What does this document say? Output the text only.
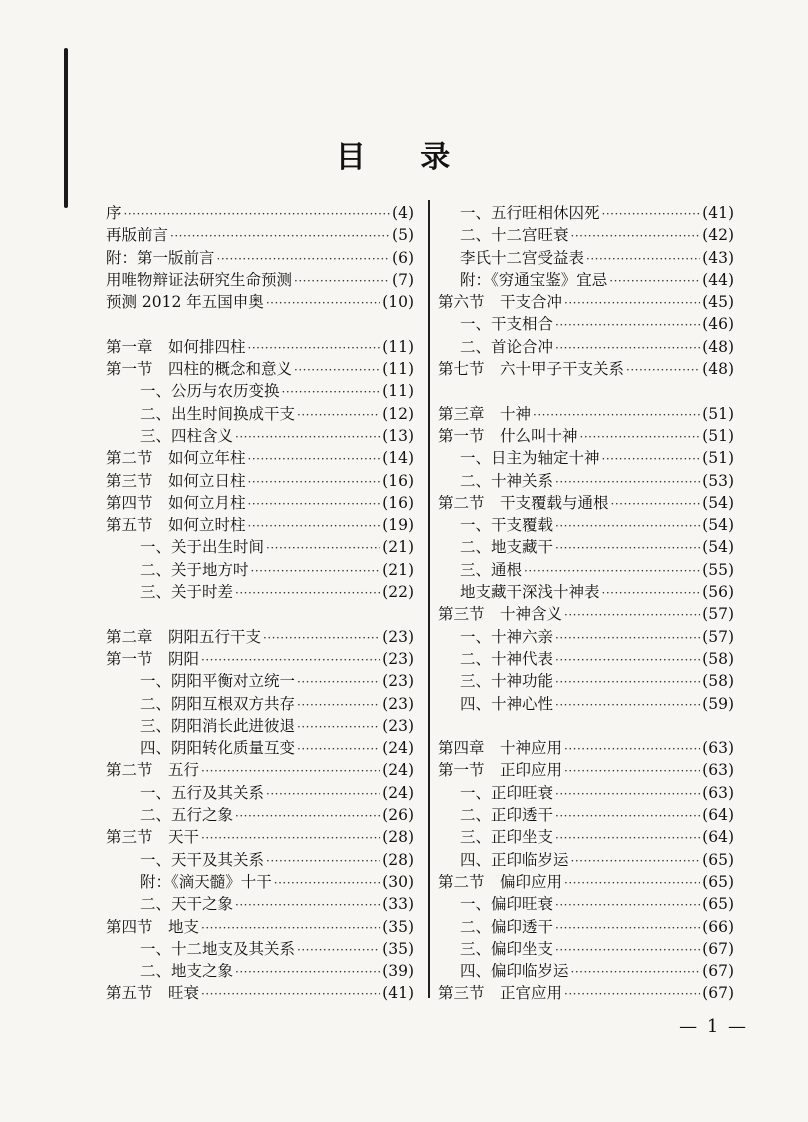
目 录
序 ·····	(4)
再版前言 ·····	(5)
附：第一版前言 ·····	(6)
用唯物辩证法研究生命预测 ·····	(7)
预测 2012 年五国申奥 ·····	(10)
第一章　如何排四柱 ·····	(11)
第一节　四柱的概念和意义 ·····	(11)
一、公历与农历变换 ·····	(11)
二、出生时间换成干支 ·····	(12)
三、四柱含义 ·····	(13)
第二节　如何立年柱 ·····	(14)
第三节　如何立日柱 ·····	(16)
第四节　如何立月柱 ·····	(16)
第五节　如何立时柱 ·····	(19)
一、关于出生时间 ·····	(21)
二、关于地方吋 ·····	(21)
三、关于时差 ·····	(22)
第二章　阴阳五行干支 ·····	(23)
第一节　阴阳 ·····	(23)
一、阴阳平衡对立统一 ·····	(23)
二、阴阳互根双方共存 ·····	(23)
三、阴阳消长此进彼退 ·····	(23)
四、阴阳转化质量互变 ·····	(24)
第二节　五行 ·····	(24)
一、五行及其关系 ·····	(24)
二、五行之象 ·····	(26)
第三节　天干 ·····	(28)
一、天干及其关系 ·····	(28)
附：《滴天髓》十干 ·····	(30)
二、天干之象 ·····	(33)
第四节　地支 ·····	(35)
一、十二地支及其关系 ·····	(35)
二、地支之象 ·····	(39)
第五节　旺衰 ·····	(41)
一、五行旺相休囚死 ·····	(41)
二、十二宫旺衰 ·····	(42)
李氏十二宫受益表 ·····	(43)
附：《穷通宝鉴》宜忌 ·····	(44)
第六节　干支合冲 ·····	(45)
一、干支相合 ·····	(46)
二、首论合冲 ·····	(48)
第七节　六十甲子干支关系 ·····	(48)
第三章　十神 ·····	(51)
第一节　什么叫十神 ·····	(51)
一、日主为轴定十神 ·····	(51)
二、十神关系 ·····	(53)
第二节　干支覆载与通根 ·····	(54)
一、干支覆载 ·····	(54)
二、地支藏干 ·····	(54)
三、通根 ·····	(55)
地支藏干深浅十神表 ·····	(56)
第三节　十神含义 ·····	(57)
一、十神六亲 ·····	(57)
二、十神代表 ·····	(58)
三、十神功能 ·····	(58)
四、十神心性 ·····	(59)
第四章　十神应用 ·····	(63)
第一节　正印应用 ·····	(63)
一、正印旺衰 ·····	(63)
二、正印透干 ·····	(64)
三、正印坐支 ·····	(64)
四、正印临岁运 ·····	(65)
第二节　偏印应用 ·····	(65)
一、偏印旺衰 ·····	(65)
二、偏印透干 ·····	(66)
三、偏印坐支 ·····	(67)
四、偏印临岁运 ·····	(67)
第三节　正官应用 ·····	(67)
— 1 —
